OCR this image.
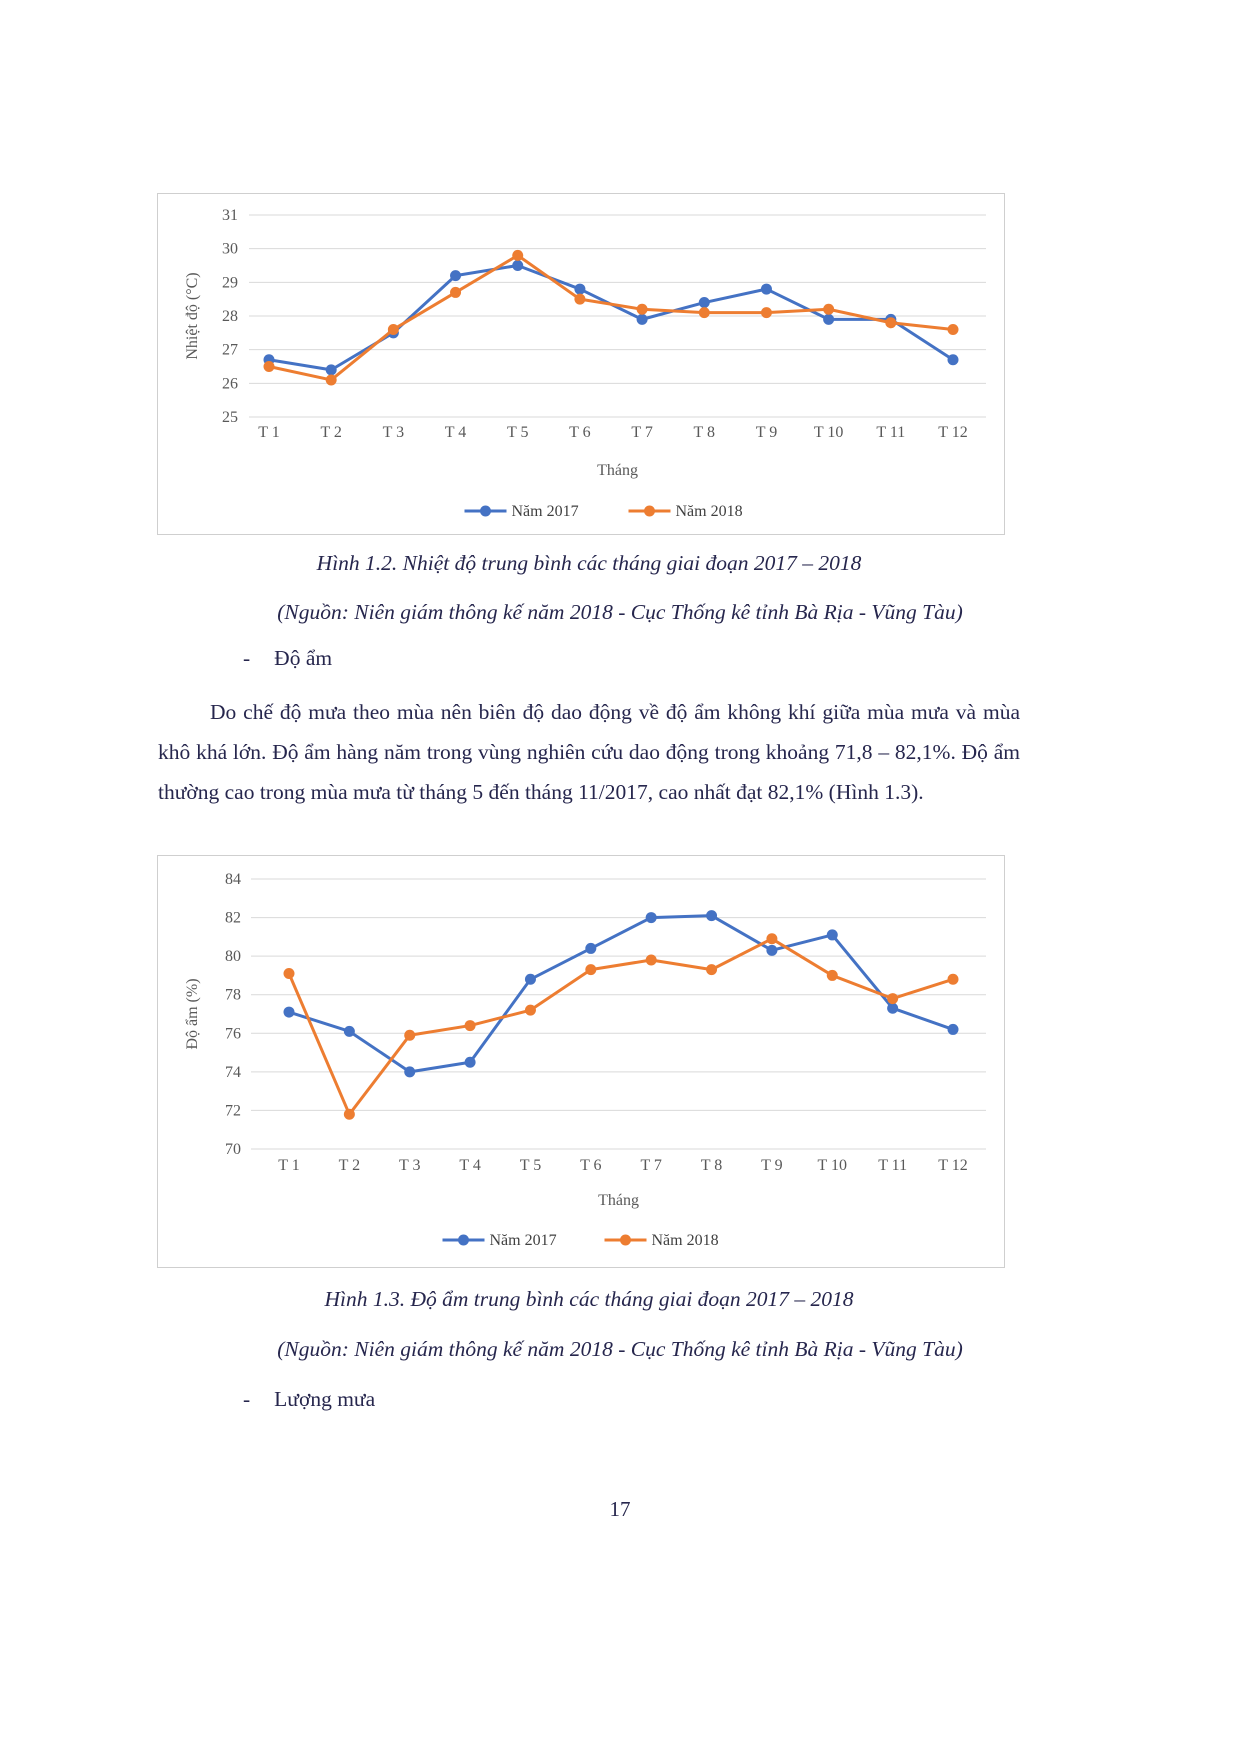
25
26
27
28
29
30
31
T 1	T 2	T 3	T 4	T 5	T 6	T 7	T 8	T 9 T 10 T 11 T 12
Tháng
Nhiệt độ (°C)
Năm 2017	Năm 2018

Hình 1.2. Nhiệt độ trung bình các tháng giai đoạn 2017 – 2018

(Nguồn: Niên giám thông kế năm 2018 - Cục Thống kê tỉnh Bà Rịa - Vũng Tàu)

- Độ ẩm

Do chế độ mưa theo mùa nên biên độ dao động về độ ẩm không khí giữa mùa mưa và mùa khô khá lớn. Độ ẩm hàng năm trong vùng nghiên cứu dao động trong khoảng 71,8 – 82,1%. Độ ẩm thường cao trong mùa mưa từ tháng 5 đến tháng 11/2017, cao nhất đạt 82,1% (Hình 1.3).

70
72
74
76
78
80
82
84
T 1 T 2 T 3 T 4 T 5 T 6 T 7 T 8 T 9 T 10 T 11 T 12
Tháng
Độ ẩm (%)
Năm 2017	Năm 2018

Hình 1.3. Độ ẩm trung bình các tháng giai đoạn 2017 – 2018

(Nguồn: Niên giám thông kế năm 2018 - Cục Thống kê tỉnh Bà Rịa - Vũng Tàu)

- Lượng mưa
17
